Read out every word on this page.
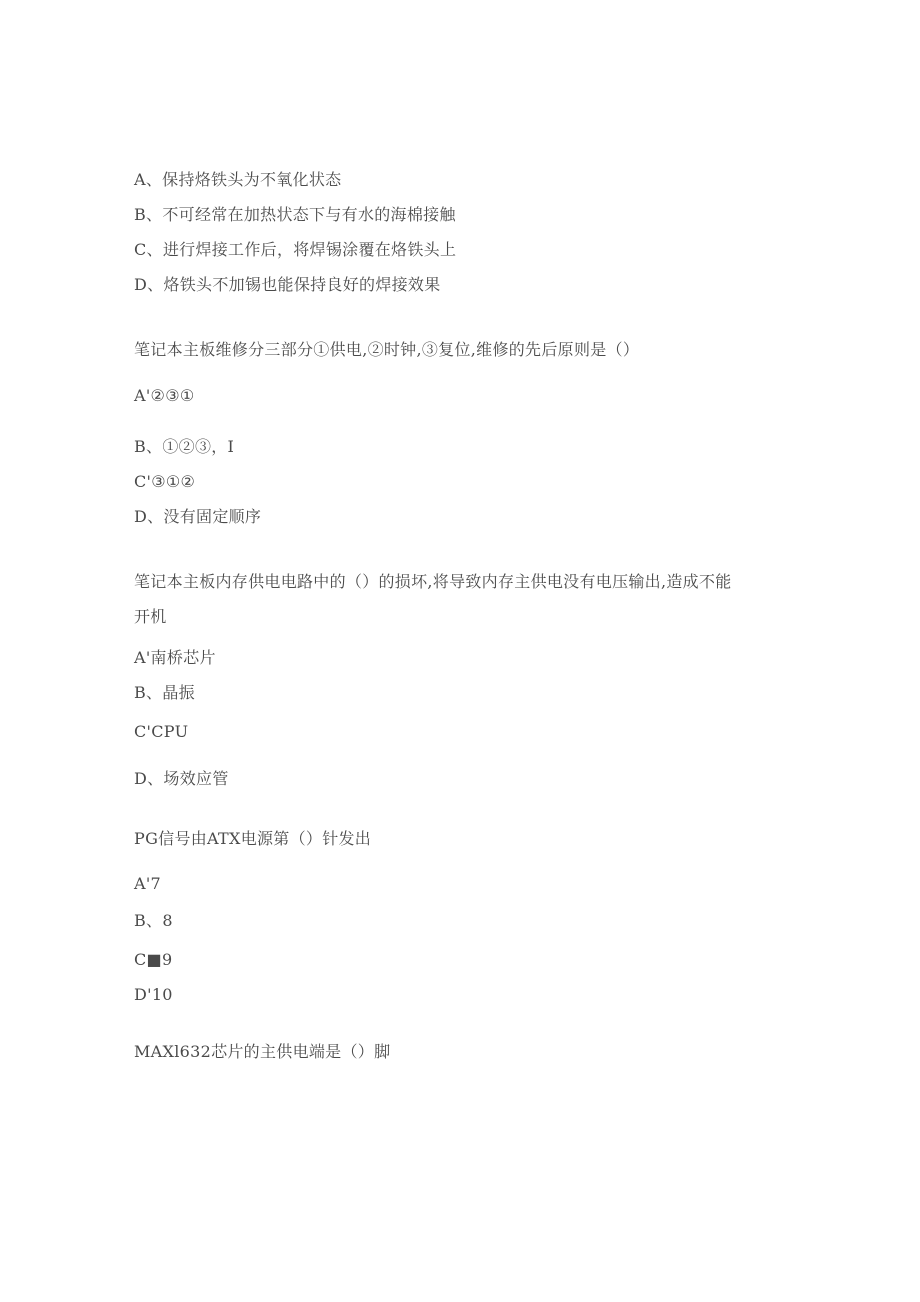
A、保持烙铁头为不氧化状态
B、不可经常在加热状态下与有水的海棉接触
C、进行焊接工作后，将焊锡涂覆在烙铁头上
D、烙铁头不加锡也能保持良好的焊接效果
笔记本主板维修分三部分①供电,②时钟,③复位,维修的先后原则是（）
A'②③①
B、①②③，I
C'③①②
D、没有固定顺序
笔记本主板内存供电电路中的（）的损坏,将导致内存主供电没有电压输出,造成不能
开机
A'南桥芯片
B、晶振
C'CPU
D、场效应管
PG信号由ATX电源第（）针发出
A'7
B、8
C■9
D'10
MAXl632芯片的主供电端是（）脚
